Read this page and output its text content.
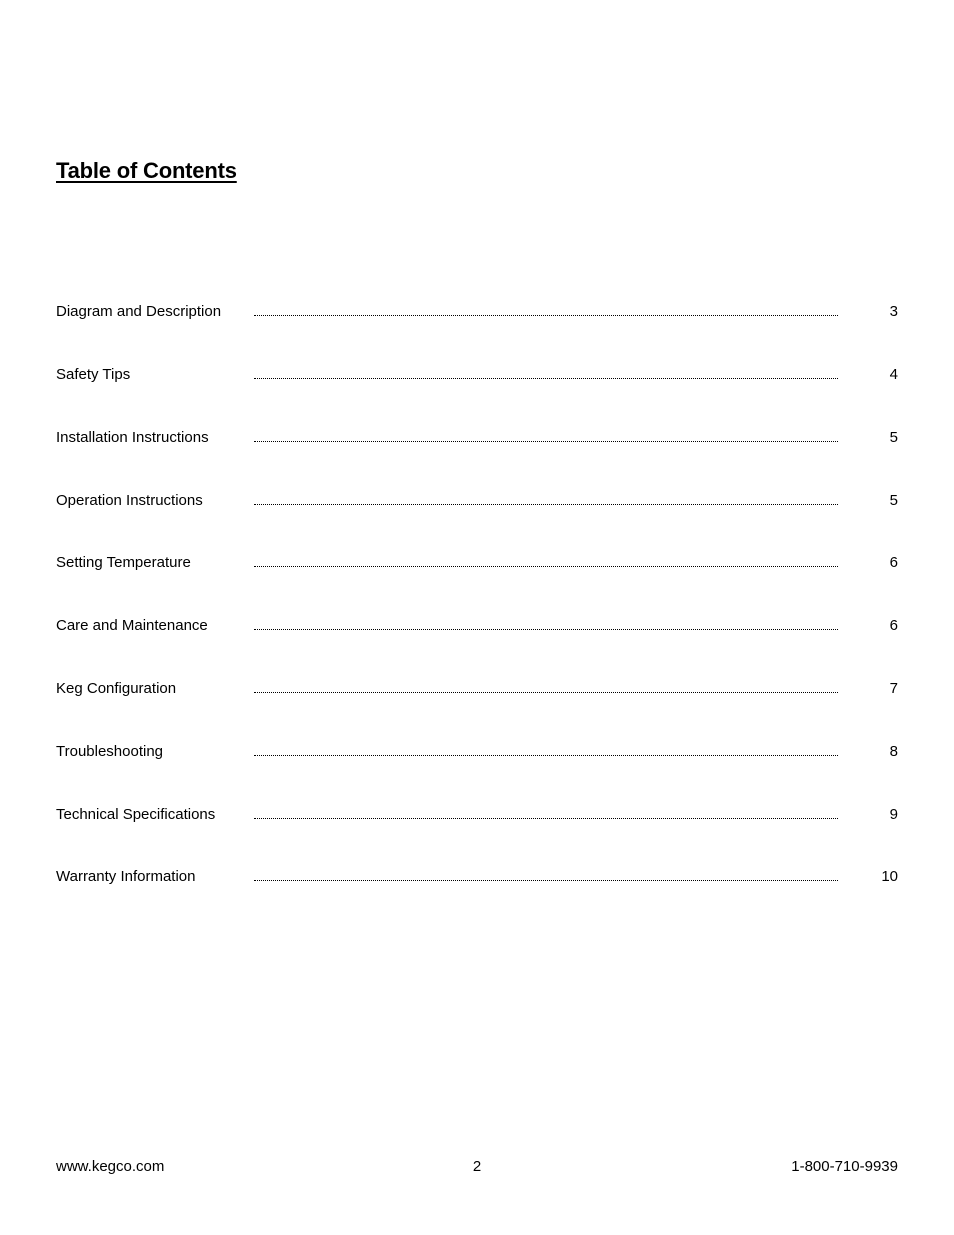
Table of Contents
Diagram and Description	3
Safety Tips	4
Installation Instructions	5
Operation Instructions	5
Setting Temperature	6
Care and Maintenance	6
Keg Configuration	7
Troubleshooting	8
Technical Specifications	9
Warranty Information	10
www.kegco.com	2	1-800-710-9939
